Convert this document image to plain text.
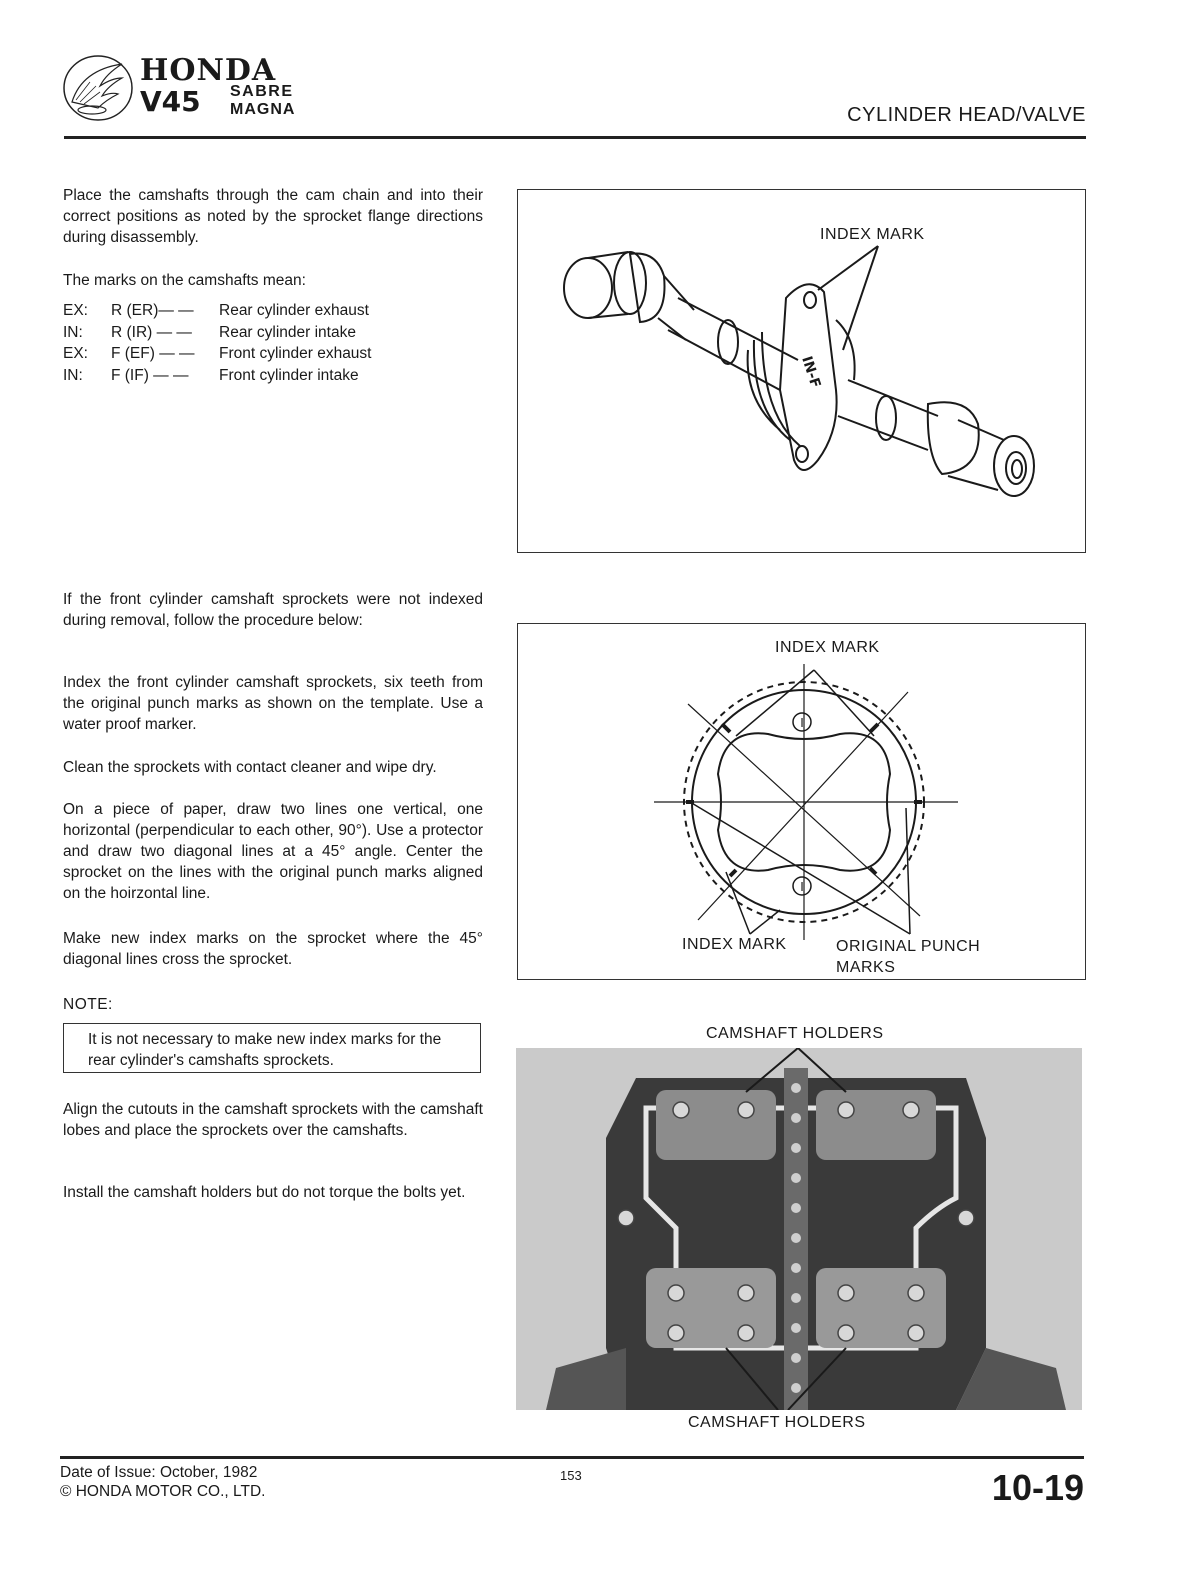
HONDA
V45 SABRE
MAGNA	CYLINDER HEAD/VALVE
Place the camshafts through the cam chain and into their correct positions as noted by the sprocket flange directions during disassembly.
The marks on the camshafts mean:
EX:	R (ER)— —	Rear cylinder exhaust
IN:	R (IR) — —	Rear cylinder intake
EX:	F (EF) — —	Front cylinder exhaust
IN:	F (IF) — —	Front cylinder intake
If the front cylinder camshaft sprockets were not indexed during removal, follow the procedure below:
Index the front cylinder camshaft sprockets, six teeth from the original punch marks as shown on the template. Use a water proof marker.
Clean the sprockets with contact cleaner and wipe dry.
On a piece of paper, draw two lines one vertical, one horizontal (perpendicular to each other, 90°). Use a protector and draw two diagonal lines at a 45° angle. Center the sprocket on the lines with the original punch marks aligned on the hoirzontal line.
Make new index marks on the sprocket where the 45° diagonal lines cross the sprocket.
NOTE:
It is not necessary to make new index marks for the rear cylinder's camshafts sprockets.
Align the cutouts in the camshaft sprockets with the camshaft lobes and place the sprockets over the camshafts.
Install the camshaft holders but do not torque the bolts yet.
INDEX MARK
IN-F
INDEX MARK
INDEX MARK	ORIGINAL PUNCH
MARKS
I
I
CAMSHAFT HOLDERS
CAMSHAFT HOLDERS
Date of Issue: October, 1982
© HONDA MOTOR CO., LTD.
153	10-19
